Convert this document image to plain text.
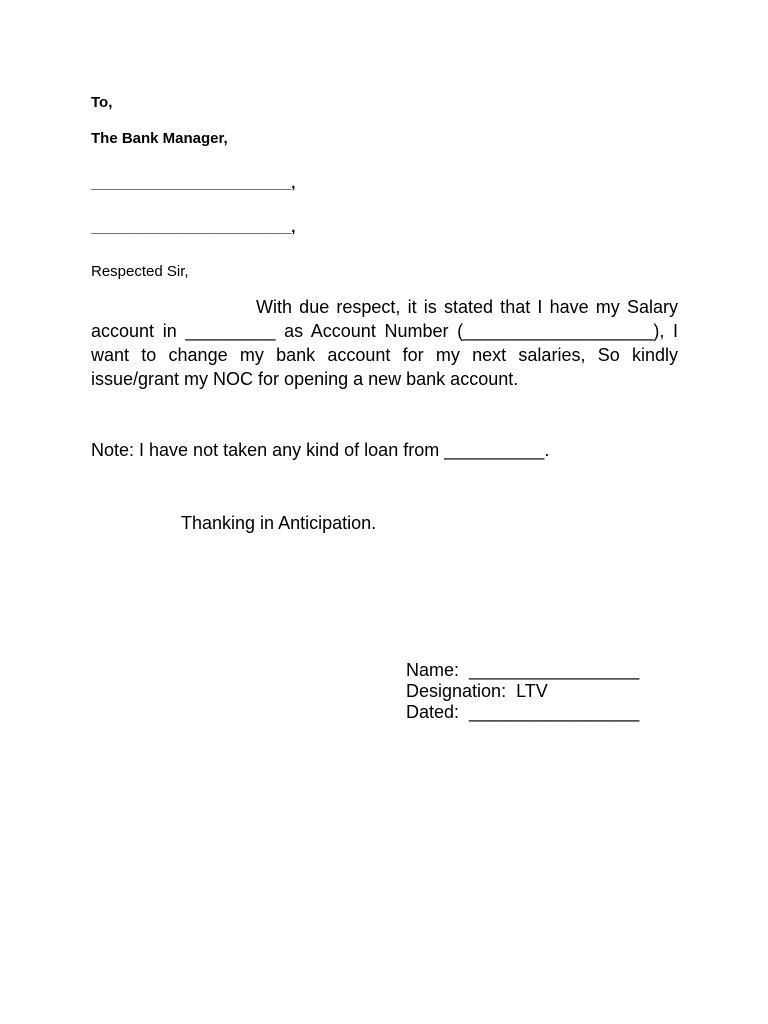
To,
The Bank Manager,
________________________,
________________________,
Respected Sir,
With due respect, it is stated that I have my Salary account in _________ as Account Number (___________________), I want to change my bank account for my next salaries, So kindly issue/grant my NOC for opening a new bank account.
Note: I have not taken any kind of loan from __________.
Thanking in Anticipation.
Name:  _________________
Designation:  LTV
Dated:  _________________
